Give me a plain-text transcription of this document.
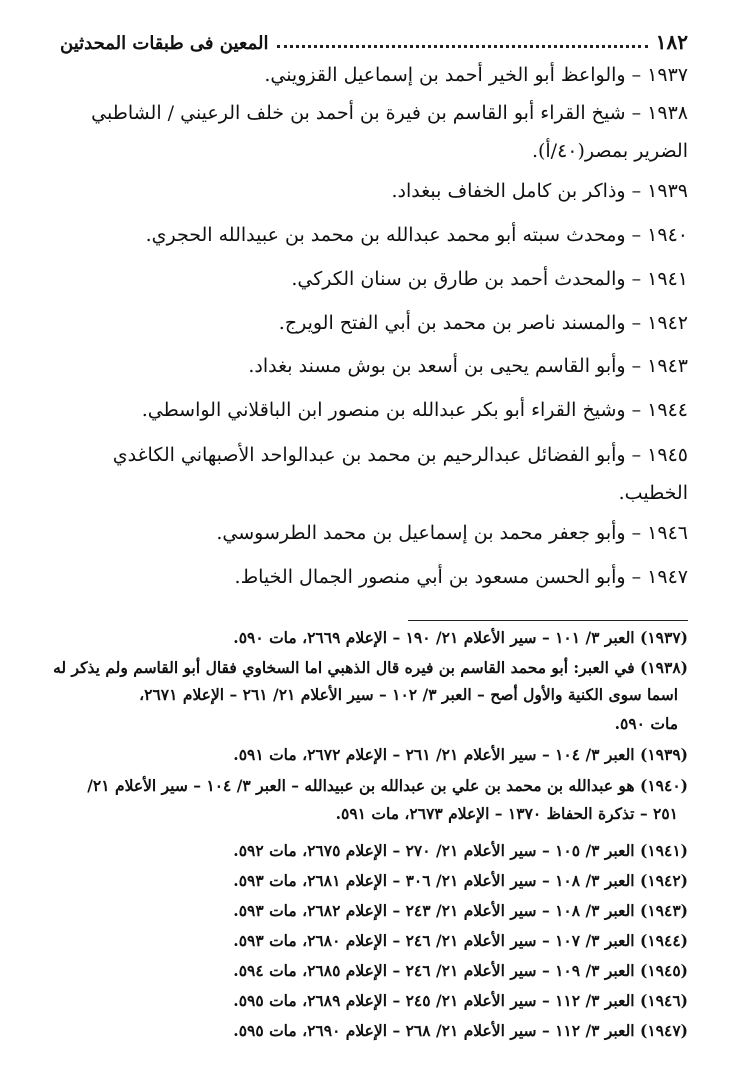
١٨٢
المعين فى طبقات المحدثين
١٩٣٧ – والواعظ أبو الخير أحمد بن إسماعيل القزويني.
١٩٣٨ – شيخ القراء أبو القاسم بن فيرة بن أحمد بن خلف الرعيني / الشاطبي
الضرير بمصر(٤٠/أ).
١٩٣٩ – وذاكر بن كامل الخفاف ببغداد.
١٩٤٠ – ومحدث سبته أبو محمد عبدالله بن محمد بن عبيدالله الحجري.
١٩٤١ – والمحدث أحمد بن طارق بن سنان الكركي.
١٩٤٢ – والمسند ناصر بن محمد بن أبي الفتح الويرج.
١٩٤٣ – وأبو القاسم يحيى بن أسعد بن بوش مسند بغداد.
١٩٤٤ – وشيخ القراء أبو بكر عبدالله بن منصور ابن الباقلاني الواسطي.
١٩٤٥ – وأبو الفضائل عبدالرحيم بن محمد بن عبدالواحد الأصبهاني الكاغدي
الخطيب.
١٩٤٦ – وأبو جعفر محمد بن إسماعيل بن محمد الطرسوسي.
١٩٤٧ – وأبو الحسن مسعود بن أبي منصور الجمال الخياط.
(١٩٣٧) العبر ٣/ ١٠١ – سير الأعلام ٢١/ ١٩٠ – الإعلام ٢٦٦٩، مات ٥٩٠.
(١٩٣٨) في العبر: أبو محمد القاسم بن فيره قال الذهبي اما السخاوي فقال أبو القاسم ولم يذكر له
اسما سوى الكنية والأول أصح – العبر ٣/ ١٠٢ – سير الأعلام ٢١/ ٢٦١ – الإعلام ٢٦٧١،
مات ٥٩٠.
(١٩٣٩) العبر ٣/ ١٠٤ – سير الأعلام ٢١/ ٢٦١ – الإعلام ٢٦٧٢، مات ٥٩١.
(١٩٤٠) هو عبدالله بن محمد بن علي بن عبدالله بن عبيدالله – العبر ٣/ ١٠٤ – سير الأعلام ٢١/
٢٥١ – تذكرة الحفاظ ١٣٧٠ – الإعلام ٢٦٧٣، مات ٥٩١.
(١٩٤١) العبر ٣/ ١٠٥ – سير الأعلام ٢١/ ٢٧٠ – الإعلام ٢٦٧٥، مات ٥٩٢.
(١٩٤٢) العبر ٣/ ١٠٨ – سير الأعلام ٢١/ ٣٠٦ – الإعلام ٢٦٨١، مات ٥٩٣.
(١٩٤٣) العبر ٣/ ١٠٨ – سير الأعلام ٢١/ ٢٤٣ – الإعلام ٢٦٨٢، مات ٥٩٣.
(١٩٤٤) العبر ٣/ ١٠٧ – سير الأعلام ٢١/ ٢٤٦ – الإعلام ٢٦٨٠، مات ٥٩٣.
(١٩٤٥) العبر ٣/ ١٠٩ – سير الأعلام ٢١/ ٢٤٦ – الإعلام ٢٦٨٥، مات ٥٩٤.
(١٩٤٦) العبر ٣/ ١١٢ – سير الأعلام ٢١/ ٢٤٥ – الإعلام ٢٦٨٩، مات ٥٩٥.
(١٩٤٧) العبر ٣/ ١١٢ – سير الأعلام ٢١/ ٢٦٨ – الإعلام ٢٦٩٠، مات ٥٩٥.
